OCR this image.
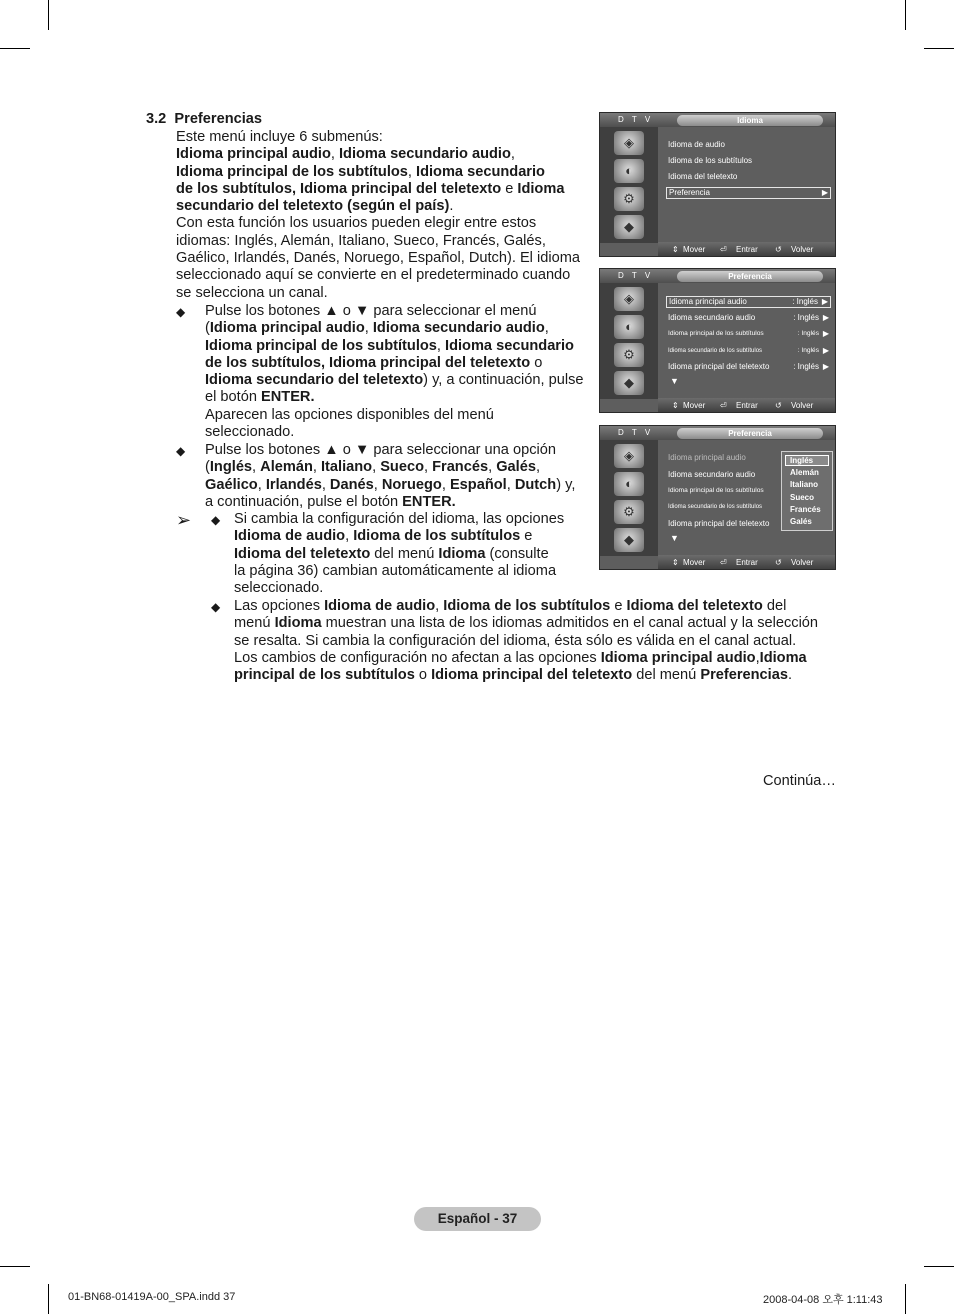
3.2 Preferencias
Este menú incluye 6 submenús:
Idioma principal audio, Idioma secundario audio,
Idioma principal de los subtítulos, Idioma secundario
de los subtítulos, Idioma principal del teletexto e Idioma
secundario del teletexto (según el país).
Con esta función los usuarios pueden elegir entre estos
idiomas: Inglés, Alemán, Italiano, Sueco, Francés, Galés,
Gaélico, Irlandés, Danés, Noruego, Español, Dutch). El idioma
seleccionado aquí se convierte en el predeterminado cuando
se selecciona un canal.
◆ Pulse los botones ▲ o ▼ para seleccionar el menú
(Idioma principal audio, Idioma secundario audio,
Idioma principal de los subtítulos, Idioma secundario
de los subtítulos, Idioma principal del teletexto o
Idioma secundario del teletexto) y, a continuación, pulse
el botón ENTER.
Aparecen las opciones disponibles del menú
seleccionado.
◆ Pulse los botones ▲ o ▼ para seleccionar una opción
(Inglés, Alemán, Italiano, Sueco, Francés, Galés,
Gaélico, Irlandés, Danés, Noruego, Español, Dutch) y,
a continuación, pulse el botón ENTER.
➢ ◆ Si cambia la configuración del idioma, las opciones
Idioma de audio, Idioma de los subtítulos e
Idioma del teletexto del menú Idioma (consulte
la página 36) cambian automáticamente al idioma
seleccionado.
◆ Las opciones Idioma de audio, Idioma de los subtítulos e Idioma del teletexto del
menú Idioma muestran una lista de los idiomas admitidos en el canal actual y la selección
se resalta. Si cambia la configuración del idioma, ésta sólo es válida en el canal actual.
Los cambios de configuración no afectan a las opciones Idioma principal audio,Idioma
principal de los subtítulos o Idioma principal del teletexto del menú Preferencias.
Continúa…
D T V	Idioma
◈
◐
⚙
◆
Idioma de audio
Idioma de los subtítulos
Idioma del teletexto
Preferencia	▶
⇕ Mover ⏎ Entrar ↺ Volver
D T V	Preferencia
◈
◐
⚙
◆
Idioma principal audio	: Inglés ▶
Idioma secundario audio	: Inglés ▶
Idioma principal de los subtítulos	: Inglés ▶
Idioma secundario de los subtítulos	: Inglés ▶
Idioma principal del teletexto	: Inglés ▶
▼
⇕ Mover ⏎ Entrar ↺ Volver
D T V	Preferencia
◈
◐
⚙
◆
Idioma principal audio
Idioma secundario audio
Idioma principal de los subtítulos
Idioma secundario de los subtítulos
Idioma principal del teletexto
▼
Inglés
Alemán
Italiano
Sueco
Francés
Galés
⇕ Mover ⏎ Entrar ↺ Volver
Español - 37
01-BN68-01419A-00_SPA.indd 37	2008-04-08 오후 1:11:43
